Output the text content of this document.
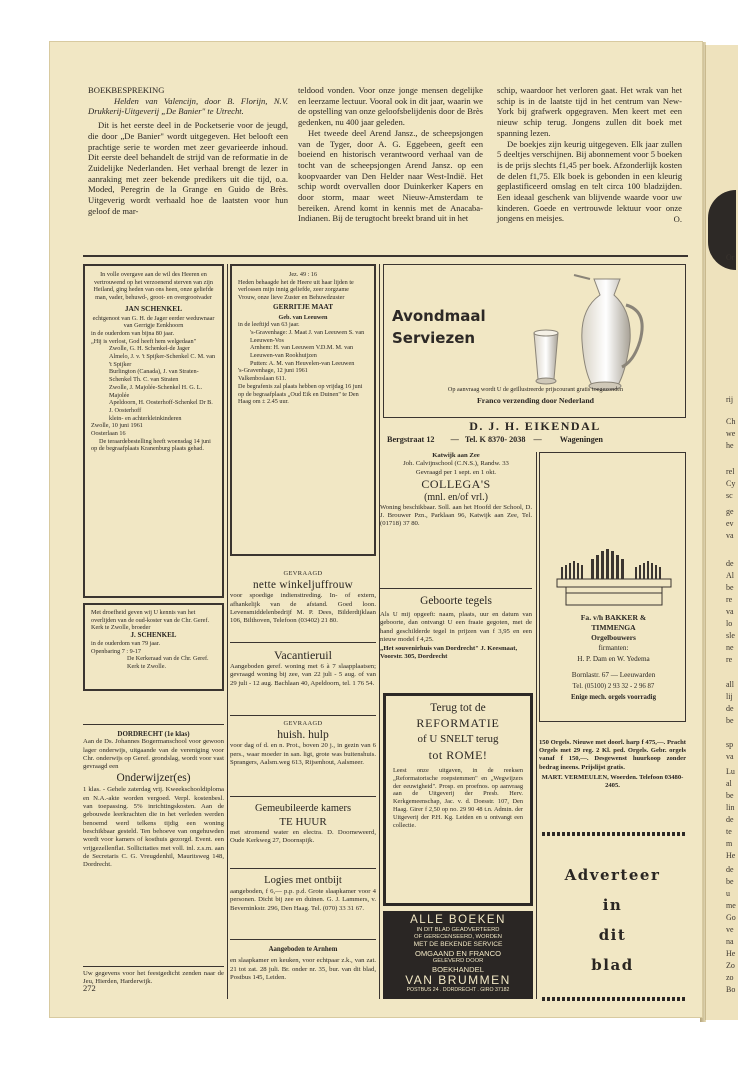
Or
rij
Ch
we
he
rel
Cy
sc
ge
ev
va
de
Al
be
re
va
lo
sle
ne
re
all
lij
de
be
sp
va
Lu
al
be
lin
de
te
m
He
de
be
u
me
Go
ve
na
He
Zo
zo
Bo
BOEKBESPREKING

Helden van Valencijn, door B. Florijn, N.V. Drukkerij-Uitgeverij „De Banier" te Utrecht.

Dit is het eerste deel in de Pocketserie voor de jeugd, die door „De Banier" wordt uitgegeven. Het belooft een prachtige serie te worden met zeer gevarieerde inhoud. Dit eerste deel behandelt de strijd van de reformatie in de Zuidelijke Nederlanden. Het verhaal brengt de lezer in aanraking met zeer bekende predikers uit die tijd, o.a. Moded, Peregrin de la Grange en Guido de Brès. Uitgeverig wordt verhaald hoe de laatsten voor hun geloof de mar-

teldood vonden. Voor onze jonge mensen degelijke en leerzame lectuur. Vooral ook in dit jaar, waarin we de opstelling van onze geloofsbelijdenis door de Brès gedenken, nu 400 jaar geleden.

Het tweede deel Arend Jansz., de scheepsjongen van de Tyger, door A. G. Eggebeen, geeft een boeiend en historisch verantwoord verhaal van de tocht van de scheepsjongen Arend Jansz. op een koopvaarder van Den Helder naar West-Indië. Het schip wordt overvallen door Duinkerker Kapers en door storm, maar weet Nieuw-Amsterdam te bereiken. Arend komt in kennis met de Anacaba-Indianen. Bij de terugtocht breekt brand uit in het

schip, waardoor het verloren gaat. Het wrak van het schip is in de laatste tijd in het centrum van New-York bij grafwerk opgegraven. Men keert met een nieuw schip terug. Jongens zullen dit boek met spanning lezen.

De boekjes zijn keurig uitgegeven. Elk jaar zullen 5 deeltjes verschijnen. Bij abonnement voor 5 boeken is de prijs slechts f1,45 per boek. Afzonderlijk kosten de delen f1,75. Elk boek is gebonden in een kleurig geplastificeerd omslag en telt circa 100 bladzijden. Een ideaal geschenk van blijvende waarde voor uw kinderen. Goede en vertrouwde lektuur voor onze jongens en meisjes.	O.
In volle overgave aan de wil des Heeren en vertrouwend op het verzoenend sterven van zijn Heiland, ging heden van ons heen, onze geliefde man, vader, behuwd-, groot- en overgrootvader
JAN SCHENKEL
echtgenoot van G. H. de Jager eerder weduwnaar van Gerrigje Eenkhoorn
in de ouderdom van bijna 80 jaar.
„Hij is verlost, God heeft hem welgedaan"
Zwolle, G. H. Schenkel-de Jager
Almelo, J. v. 't Spijker-Schenkel C. M. van 't Spijker
Burlington (Canada), J. van Straten-Schenkel Th. C. van Straten
Zwolle, J. Majolée-Schenkel H. G. L. Majolée
Apeldoorn, H. Oosterhoff-Schenkel Dr B. J. Oosterhoff
klein- en achterkleinkinderen
Zwolle, 10 juni 1961
Oosterlaan 16
De teraardebestelling heeft woensdag 14 juni op de begraafplaats Kranenburg plaats gehad.
Jez. 49 : 16
Heden behaagde het de Heere uit haar lijden te verlossen mijn innig geliefde, zeer zorgzame Vrouw, onze lieve Zuster en Behuwdzuster
GERRITJE MAAT
Geb. van Leeuwen
in de leeftijd van 63 jaar.
's-Gravenhage: J. Maat J. van Leeuwen S. van Leeuwen-Vos
Arnhem: H. van Leeuwen V.D.M. M. van Leeuwen-van Rookhuijzen
Putten: A. M. van Heuvelen-van Leeuwen
's-Gravenhage, 12 juni 1961
Valkenboslaan 611.
De begrafenis zal plaats hebben op vrijdag 16 juni op de begraafplaats „Oud Eik en Duinen" te Den Haag om ± 2.45 uur.
Avondmaal
Serviezen
Op aanvraag wordt U de geïllustreerde prijscourant gratis toegezonden
Franco verzending door Nederland
D. J. H. EIKENDAL
Bergstraat 12 — Tel. K 8370- 2038 — Wageningen
Katwijk aan Zee
Joh. Calvijnschool (C.N.S.), Randw. 33
Gevraagd per 1 sept. en 1 okt.
COLLEGA'S
(mnl. en/of vrl.)
Woning beschikbaar. Soll. aan het Hoofd der School, D. J. Brouwer Pzn., Parklaan 96, Katwijk aan Zee, Tel. (01718) 37 80.
Fa. v/h BAKKER &
TIMMENGA
Orgelbouwers
firmanten:
H. P. Dam en W. Yedema
Bornlastr. 67 — Leeuwarden
Tel. (05100) 2 93 32 - 2 96 87
Enige mech. orgels voorradig
Geboorte tegels
Als U mij opgeeft: naam, plaats, uur en datum van geboorte, dan ontvangt U een fraaie gegoten, met de hand geschilderde tegel in prijzen van f 3,95 en een nieuw model f 4,25.
„Het souvenirhuis van Dordrecht" J. Keesmaat, Voorstr. 305, Dordrecht
Met droefheid geven wij U kennis van het overlijden van de oud-koster van de Chr. Geref. Kerk te Zwolle, broeder
J. SCHENKEL
in de ouderdom van 79 jaar.
Openbaring 7 : 9-17
De Kerkeraad van de Chr. Geref. Kerk te Zwolle.
GEVRAAGD
nette winkeljuffrouw
voor spoedige indiensttreding. In- of extern, afhankelijk van de afstand. Goed loon. Levensmiddelenbedrijf M. P. Dees, Bilderdijklaan 106, Bilthoven, Telefoon (03402) 21 80.
Vacantieruil
Aangeboden geref. woning met 6 à 7 slaapplaatsen; gevraagd woning bij zee, van 22 juli - 5 aug. of van 29 juli - 12 aug. Bachlaan 40, Apeldoorn, tel. 1 76 54.
GEVRAAGD
huish. hulp
voor dag of d. en n. Prot., boven 20 j., in gezin van 6 pers., waar moeder in san. ligt, grote was buitenshuis. Sprangers, Aalsm.weg 613, Rijsenhout, Aalsmeer.
Gemeubileerde kamers
TE HUUR
met stromend water en electra. D. Doorneweerd, Oude Kerkweg 27, Doornspijk.
Logies met ontbijt
aangeboden, f 6,— p.p. p.d. Grote slaapkamer voor 4 personen. Dicht bij zee en duinen. G. J. Lammers, v. Beverninkstr. 296, Den Haag. Tel. (070) 33 31 67.
Aangeboden te Arnhem
en slaapkamer en keuken, voor echtpaar z.k., van zat. 21 tot zat. 28 juli. Br. onder nr. 35, bur. van dit blad, Postbus 145, Leiden.
DORDRECHT (1e klas)
Aan de Ds. Johannes Bogermanschool voor gewoon lager onderwijs, uitgaande van de vereniging voor Chr. onderwijs op Geref. grondslag, wordt voor vast gevraagd een
Onderwijzer(es)
1 klas. - Gehele zaterdag vrij. Kweekschooldiploma en N.A.-akte worden vergoed. Verpl. kostenbesl. van toepassing. 5% inrichtingskosten. Aan de gebouwde leerkrachten die in het verleden werden benoemd werd telkens tijdig een woning beschikbaar gesteld. Ten behoeve van ongehuwden wordt voor kamers of kosthuis gezorgd. Event. een vrijgezellenflat. Sollicitaties met voll. inl. z.s.m. aan de Secretaris C. G. Vreugdenhil, Mauritsweg 148, Dordrecht.
Uw gegevens voor het feestgedicht zenden naar de Jeu, Hierden, Harderwijk.
Terug tot de
REFORMATIE
of U SNELT terug
tot ROME!
Leest onze uitgaven, in de reeksen „Reformatorische roepstemmen" en „Wegwijzers der eeuwigheid". Prosp. en proefnos. op aanvraag aan de Uitgeverij der Presb. Herv. Kerkgemeenschap, Jac. v. d. Doesstr. 107, Den Haag. Girer f 2,50 op no. 29 90 48 t.n. Admin. der Uitgeverij der P.H. Kg. Leiden en u ontvangt een collectie.
ALLE BOEKEN
IN DIT BLAD GEADVERTEERD
OF GERECENSEERD, WORDEN
MET DE BEKENDE SERVICE
OMGAAND EN FRANCO
GELEVERD DOOR
BOEKHANDEL
VAN BRUMMEN
POSTBUS 24 . DORDRECHT . GIRO 37182
150 Orgels. Nieuwe met doorl. harp f 475,—. Pracht Orgels met 29 reg. 2 Kl. ped. Orgels. Gebr. orgels vanaf f 150,—. Desgewenst huurkoop zonder bedrag ineens. Prijslijst gratis.
MART. VERMEULEN, Woerden. Telefoon 03480-2405.
Adverteer
in
dit
blad
272
